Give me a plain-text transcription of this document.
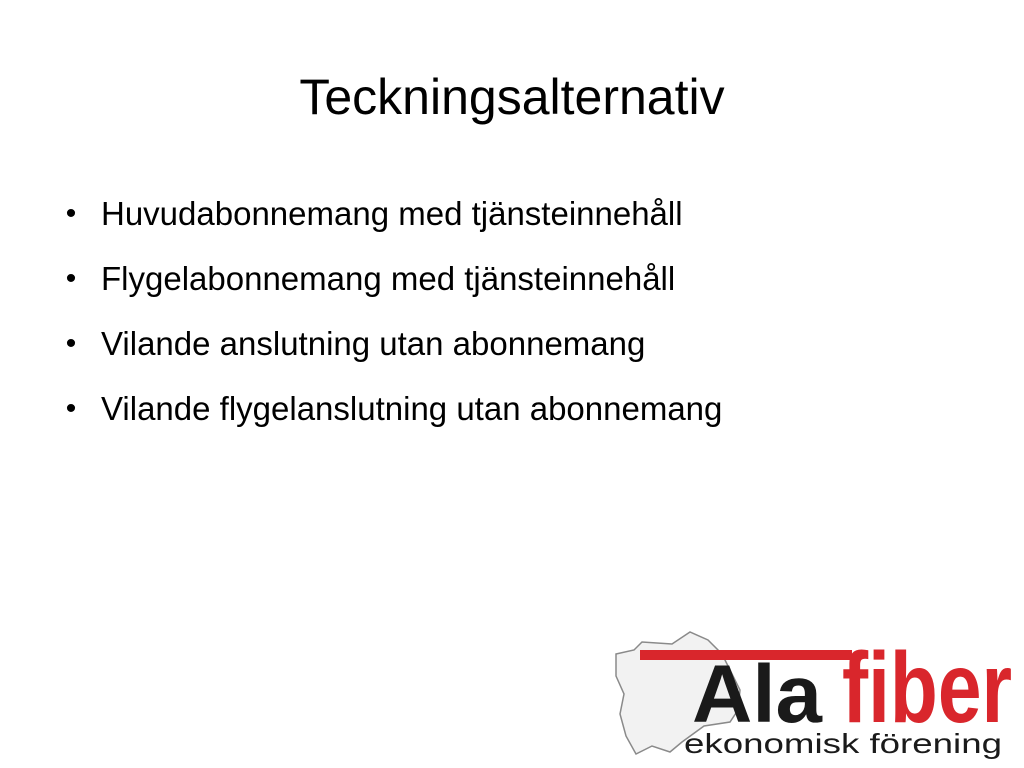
Teckningsalternativ
• Huvudabonnemang med tjänsteinnehåll
• Flygelabonnemang med tjänsteinnehåll
• Vilande anslutning utan abonnemang
• Vilande flygelanslutning utan abonnemang
Ala fiber
ekonomisk förening
